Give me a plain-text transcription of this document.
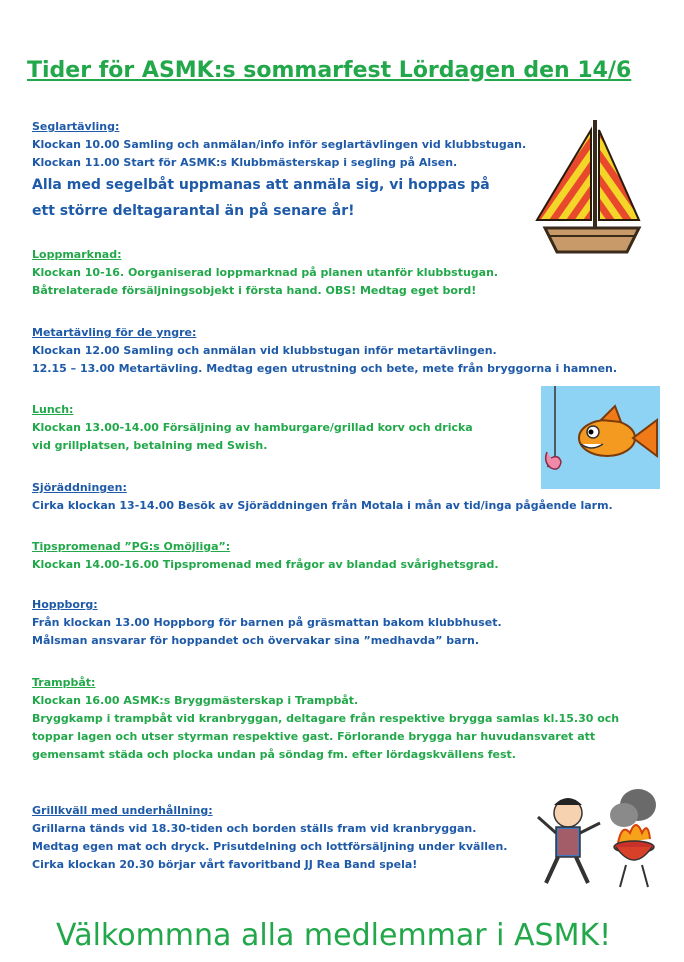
Tider för ASMK:s sommarfest Lördagen den 14/6

Seglartävling:

Klockan 10.00 Samling och anmälan/info inför seglartävlingen vid klubbstugan.

Klockan 11.00 Start för ASMK:s Klubbmästerskap i segling på Alsen.

Alla med segelbåt uppmanas att anmäla sig, vi hoppas på

ett större deltagarantal än på senare år!

Loppmarknad:

Klockan 10-16. Oorganiserad loppmarknad på planen utanför klubbstugan.

Båtrelaterade försäljningsobjekt i första hand. OBS! Medtag eget bord!

Metartävling för de yngre:

Klockan 12.00 Samling och anmälan vid klubbstugan inför metartävlingen.

12.15 – 13.00 Metartävling. Medtag egen utrustning och bete, mete från bryggorna i hamnen.

Lunch:

Klockan 13.00-14.00 Försäljning av hamburgare/grillad korv och dricka

vid grillplatsen, betalning med Swish.

Sjöräddningen:

Cirka klockan 13-14.00 Besök av Sjöräddningen från Motala i mån av tid/inga pågående larm.

Tipspromenad ”PG:s Omöjliga”:

Klockan 14.00-16.00 Tipspromenad med frågor av blandad svårighetsgrad.

Hoppborg:

Från klockan 13.00 Hoppborg för barnen på gräsmattan bakom klubbhuset.

Målsman ansvarar för hoppandet och övervakar sina ”medhavda” barn.

Trampbåt:

Klockan 16.00 ASMK:s Bryggmästerskap i Trampbåt.

Bryggkamp i trampbåt vid kranbryggan, deltagare från respektive brygga samlas kl.15.30 och toppar lagen och utser styrman respektive gast. Förlorande brygga har huvudansvaret att gemensamt städa och plocka undan på söndag fm. efter lördagskvällens fest.

Grillkväll med underhållning:

Grillarna tänds vid 18.30-tiden och borden ställs fram vid kranbryggan.

Medtag egen mat och dryck. Prisutdelning och lottförsäljning under kvällen.

Cirka klockan 20.30 börjar vårt favoritband JJ Rea Band spela!

Välkommna alla medlemmar i ASMK!
